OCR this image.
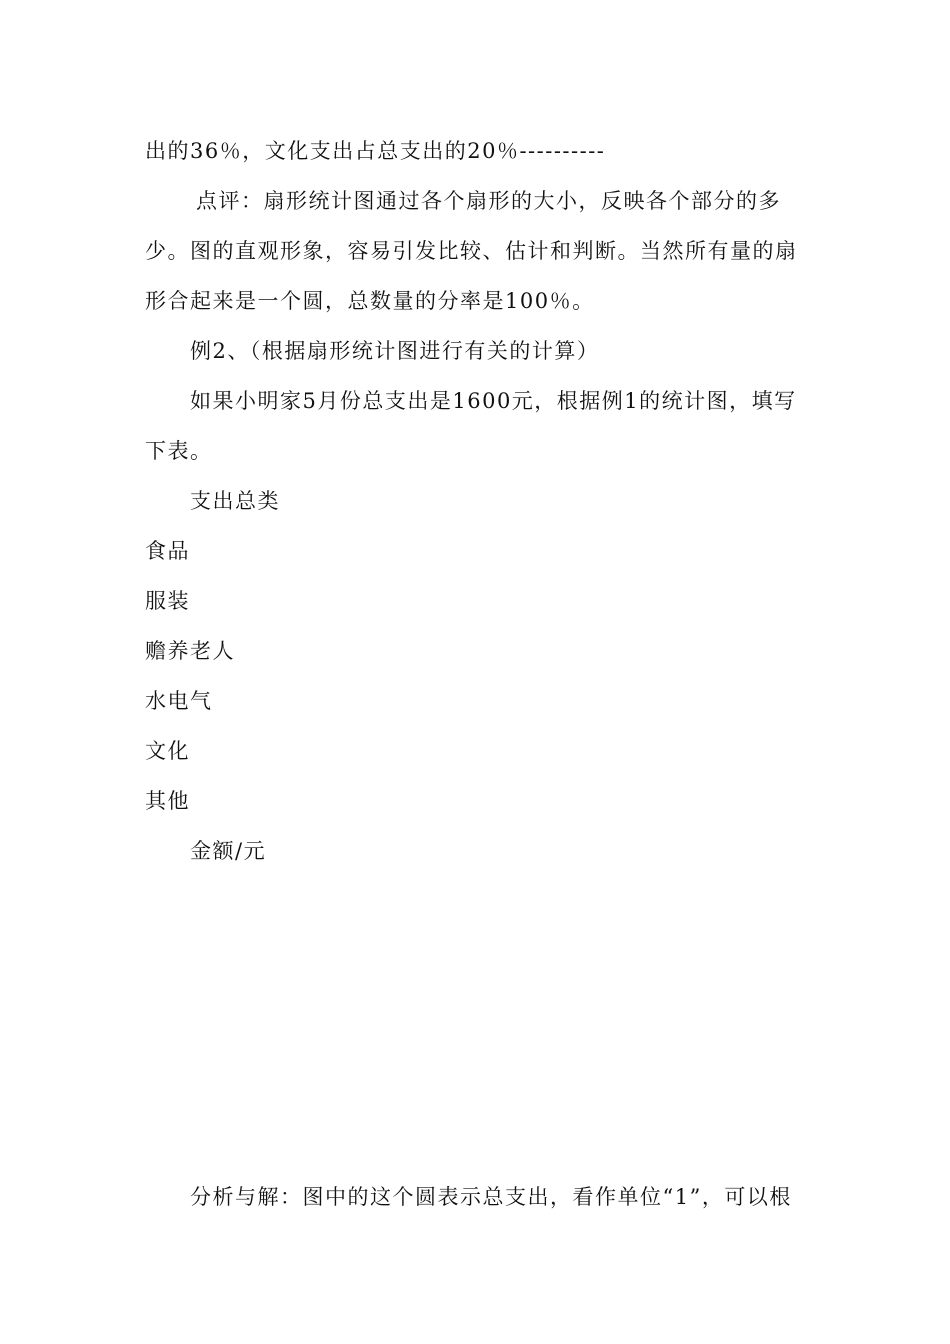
出的36％，文化支出占总支出的20％----------
点评：扇形统计图通过各个扇形的大小，反映各个部分的多
少。图的直观形象，容易引发比较、估计和判断。当然所有量的扇
形合起来是一个圆，总数量的分率是100％。
例2、（根据扇形统计图进行有关的计算）
如果小明家5月份总支出是1600元，根据例1的统计图，填写
下表。
支出总类
食品
服装
赡养老人
水电气
文化
其他
金额/元
分析与解：图中的这个圆表示总支出，看作单位“1”，可以根
